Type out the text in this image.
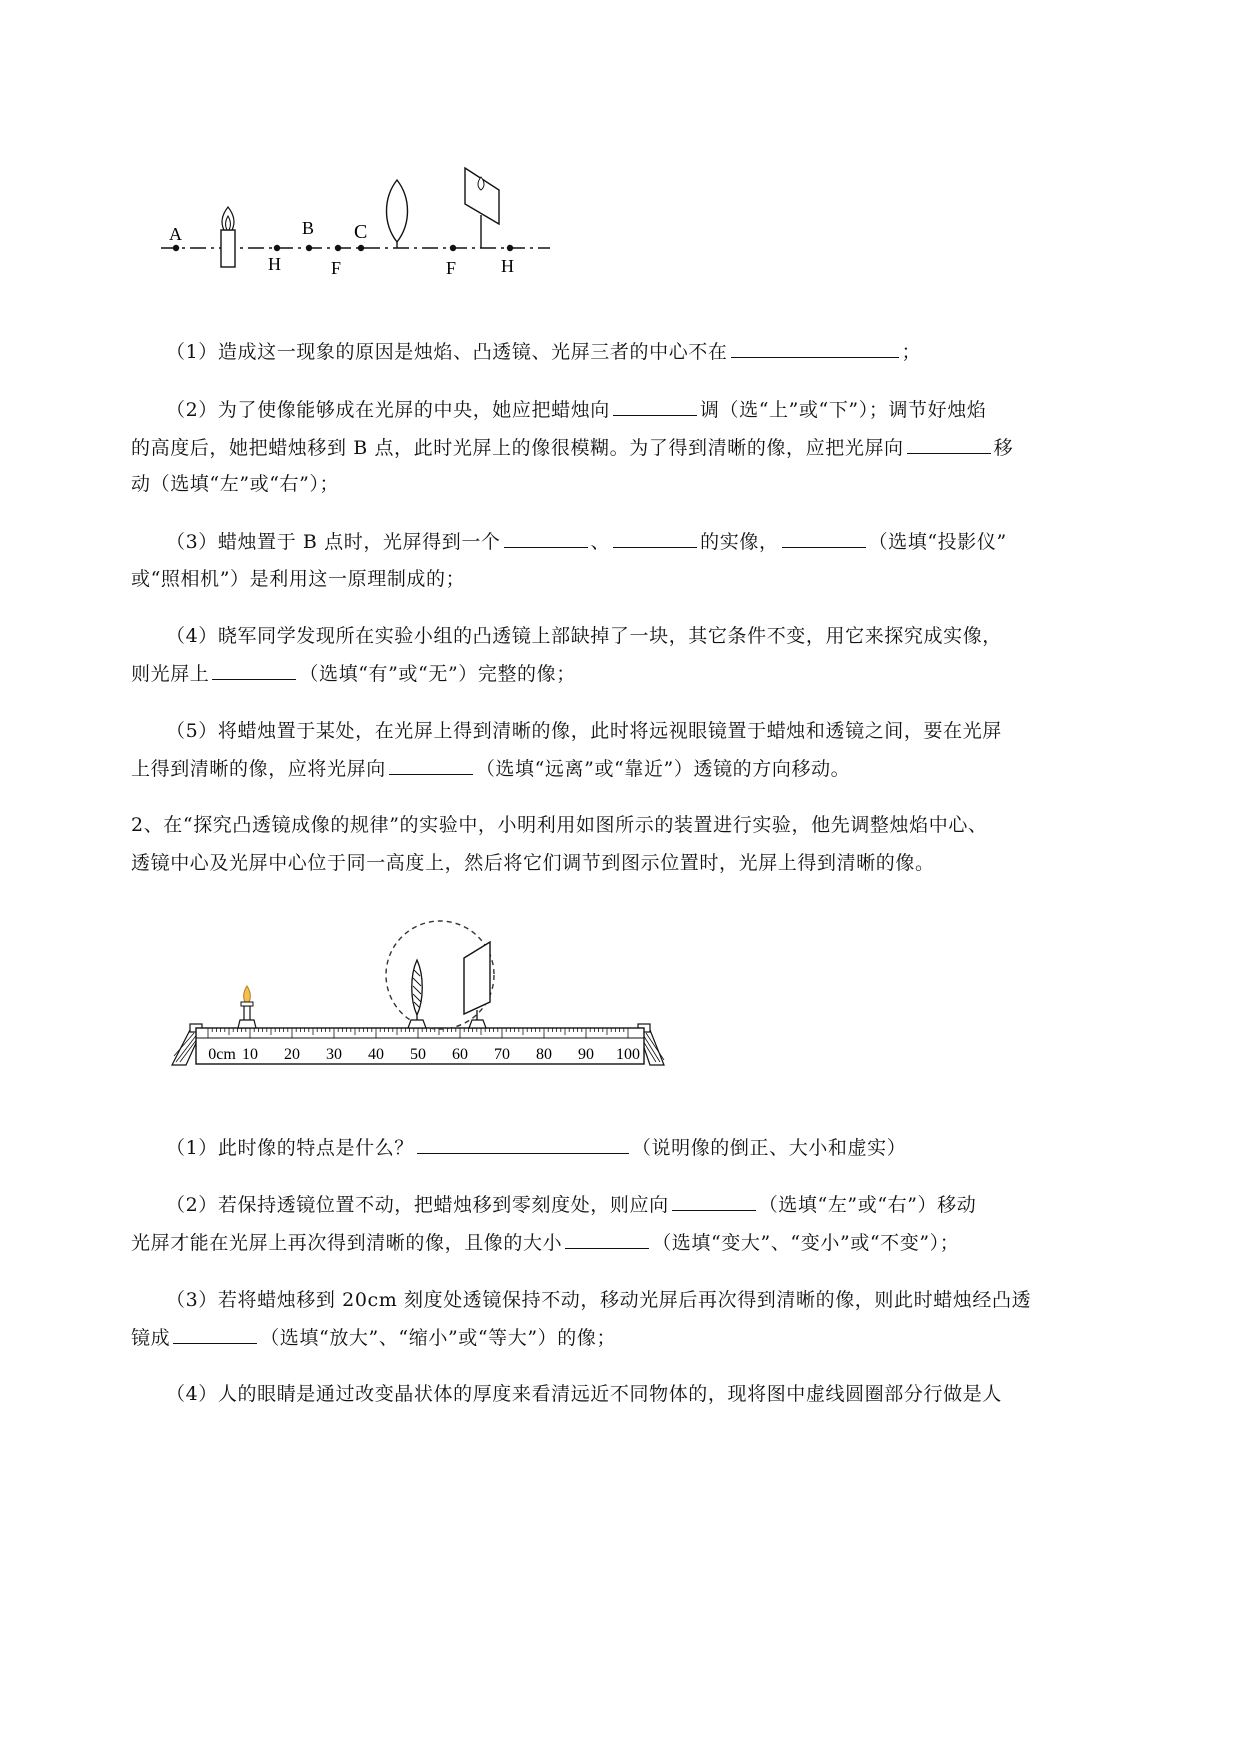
A
H
B
F
C
F H
（1）造成这一现象的原因是烛焰、凸透镜、光屏三者的中心不在	；
（2）为了使像能够成在光屏的中央，她应把蜡烛向	调（选“上”或“下”）；调节好烛焰
的高度后，她把蜡烛移到 B 点，此时光屏上的像很模糊。为了得到清晰的像，应把光屏向	移
动（选填“左”或“右”）；
（3）蜡烛置于 B 点时，光屏得到一个	、	的实像，	（选填“投影仪”
或“照相机”）是利用这一原理制成的；
（4）晓军同学发现所在实验小组的凸透镜上部缺掉了一块，其它条件不变，用它来探究成实像，
则光屏上	（选填“有”或“无”）完整的像；
（5）将蜡烛置于某处，在光屏上得到清晰的像，此时将远视眼镜置于蜡烛和透镜之间，要在光屏
上得到清晰的像，应将光屏向	（选填“远离”或“靠近”）透镜的方向移动。
2、在“探究凸透镜成像的规律”的实验中，小明利用如图所示的装置进行实验，他先调整烛焰中心、
透镜中心及光屏中心位于同一高度上，然后将它们调节到图示位置时，光屏上得到清晰的像。
0cm 10 20 30 40 50 60 70 80 90 100
（1）此时像的特点是什么？	（说明像的倒正、大小和虚实）
（2）若保持透镜位置不动，把蜡烛移到零刻度处，则应向	（选填“左”或“右”）移动
光屏才能在光屏上再次得到清晰的像，且像的大小	（选填“变大”、“变小”或“不变”）；
（3）若将蜡烛移到 20cm 刻度处透镜保持不动，移动光屏后再次得到清晰的像，则此时蜡烛经凸透
镜成	（选填“放大”、“缩小”或“等大”）的像；
（4）人的眼睛是通过改变晶状体的厚度来看清远近不同物体的，现将图中虚线圆圈部分行做是人
